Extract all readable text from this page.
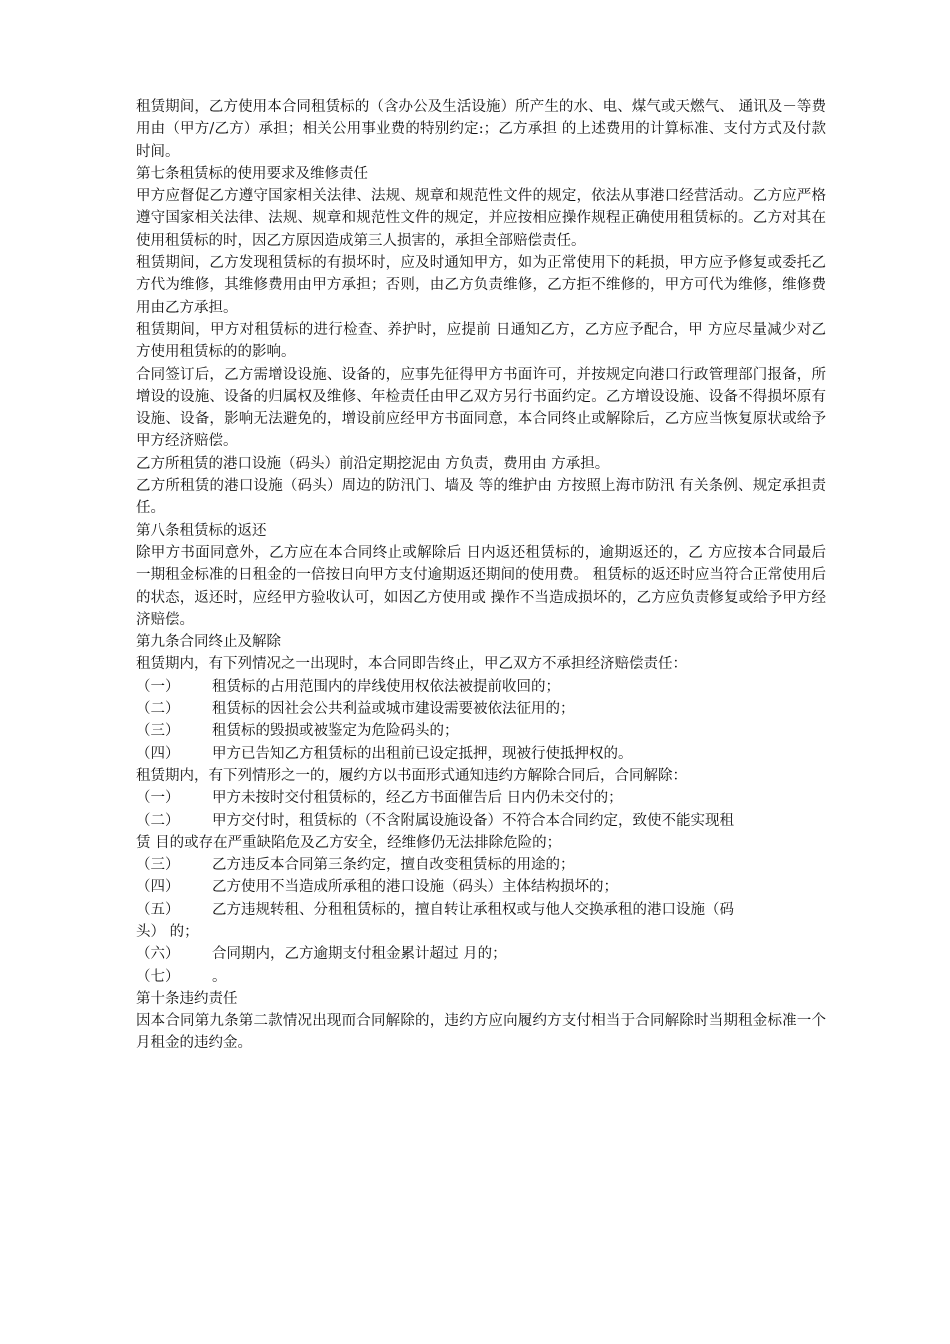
租赁期间，乙方使用本合同租赁标的（含办公及生活设施）所产生的水、电、煤气或天燃气、 通讯及－等费用由（甲方/乙方）承担；相关公用事业费的特别约定:；乙方承担 的上述费用的计算标准、支付方式及付款时间。

第七条租赁标的使用要求及维修责任

甲方应督促乙方遵守国家相关法律、法规、规章和规范性文件的规定，依法从事港口经营活动。乙方应严格遵守国家相关法律、法规、规章和规范性文件的规定，并应按相应操作规程正确使用租赁标的。乙方对其在使用租赁标的时，因乙方原因造成第三人损害的，承担全部赔偿责任。

租赁期间，乙方发现租赁标的有损坏时，应及时通知甲方，如为正常使用下的耗损，甲方应予修复或委托乙方代为维修，其维修费用由甲方承担；否则，由乙方负责维修，乙方拒不维修的，甲方可代为维修，维修费用由乙方承担。

租赁期间，甲方对租赁标的进行检查、养护时，应提前 日通知乙方，乙方应予配合，甲 方应尽量减少对乙方使用租赁标的的影响。

合同签订后，乙方需增设设施、设备的，应事先征得甲方书面许可，并按规定向港口行政管理部门报备，所增设的设施、设备的归属权及维修、年检责任由甲乙双方另行书面约定。乙方增设设施、设备不得损坏原有设施、设备，影响无法避免的，增设前应经甲方书面同意，本合同终止或解除后，乙方应当恢复原状或给予甲方经济赔偿。

乙方所租赁的港口设施（码头）前沿定期挖泥由 方负责，费用由 方承担。

乙方所租赁的港口设施（码头）周边的防汛门、墙及 等的维护由 方按照上海市防汛 有关条例、规定承担责任。

第八条租赁标的返还

除甲方书面同意外，乙方应在本合同终止或解除后 日内返还租赁标的，逾期返还的，乙 方应按本合同最后一期租金标准的日租金的一倍按日向甲方支付逾期返还期间的使用费。 租赁标的返还时应当符合正常使用后的状态，返还时，应经甲方验收认可，如因乙方使用或 操作不当造成损坏的，乙方应负责修复或给予甲方经济赔偿。

第九条合同终止及解除

租赁期内，有下列情况之一出现时，本合同即告终止，甲乙双方不承担经济赔偿责任：

（一）	租赁标的占用范围内的岸线使用权依法被提前收回的；
（二）	租赁标的因社会公共利益或城市建设需要被依法征用的；
（三）	租赁标的毁损或被鉴定为危险码头的；
（四）	甲方已告知乙方租赁标的出租前已设定抵押，现被行使抵押权的。

租赁期内，有下列情形之一的，履约方以书面形式通知违约方解除合同后，合同解除：

（一）	甲方未按时交付租赁标的，经乙方书面催告后 日内仍未交付的；
（二）	甲方交付时，租赁标的（不含附属设施设备）不符合本合同约定，致使不能实现租

赁 目的或存在严重缺陷危及乙方安全，经维修仍无法排除危险的；

（三）	乙方违反本合同第三条约定，擅自改变租赁标的用途的；
（四）	乙方使用不当造成所承租的港口设施（码头）主体结构损坏的；
（五）	乙方违规转租、分租租赁标的，擅自转让承租权或与他人交换承租的港口设施（码

头） 的；

（六）	合同期内，乙方逾期支付租金累计超过 月的；
（七）	。

第十条违约责任

因本合同第九条第二款情况出现而合同解除的，违约方应向履约方支付相当于合同解除时当期租金标准一个月租金的违约金。
